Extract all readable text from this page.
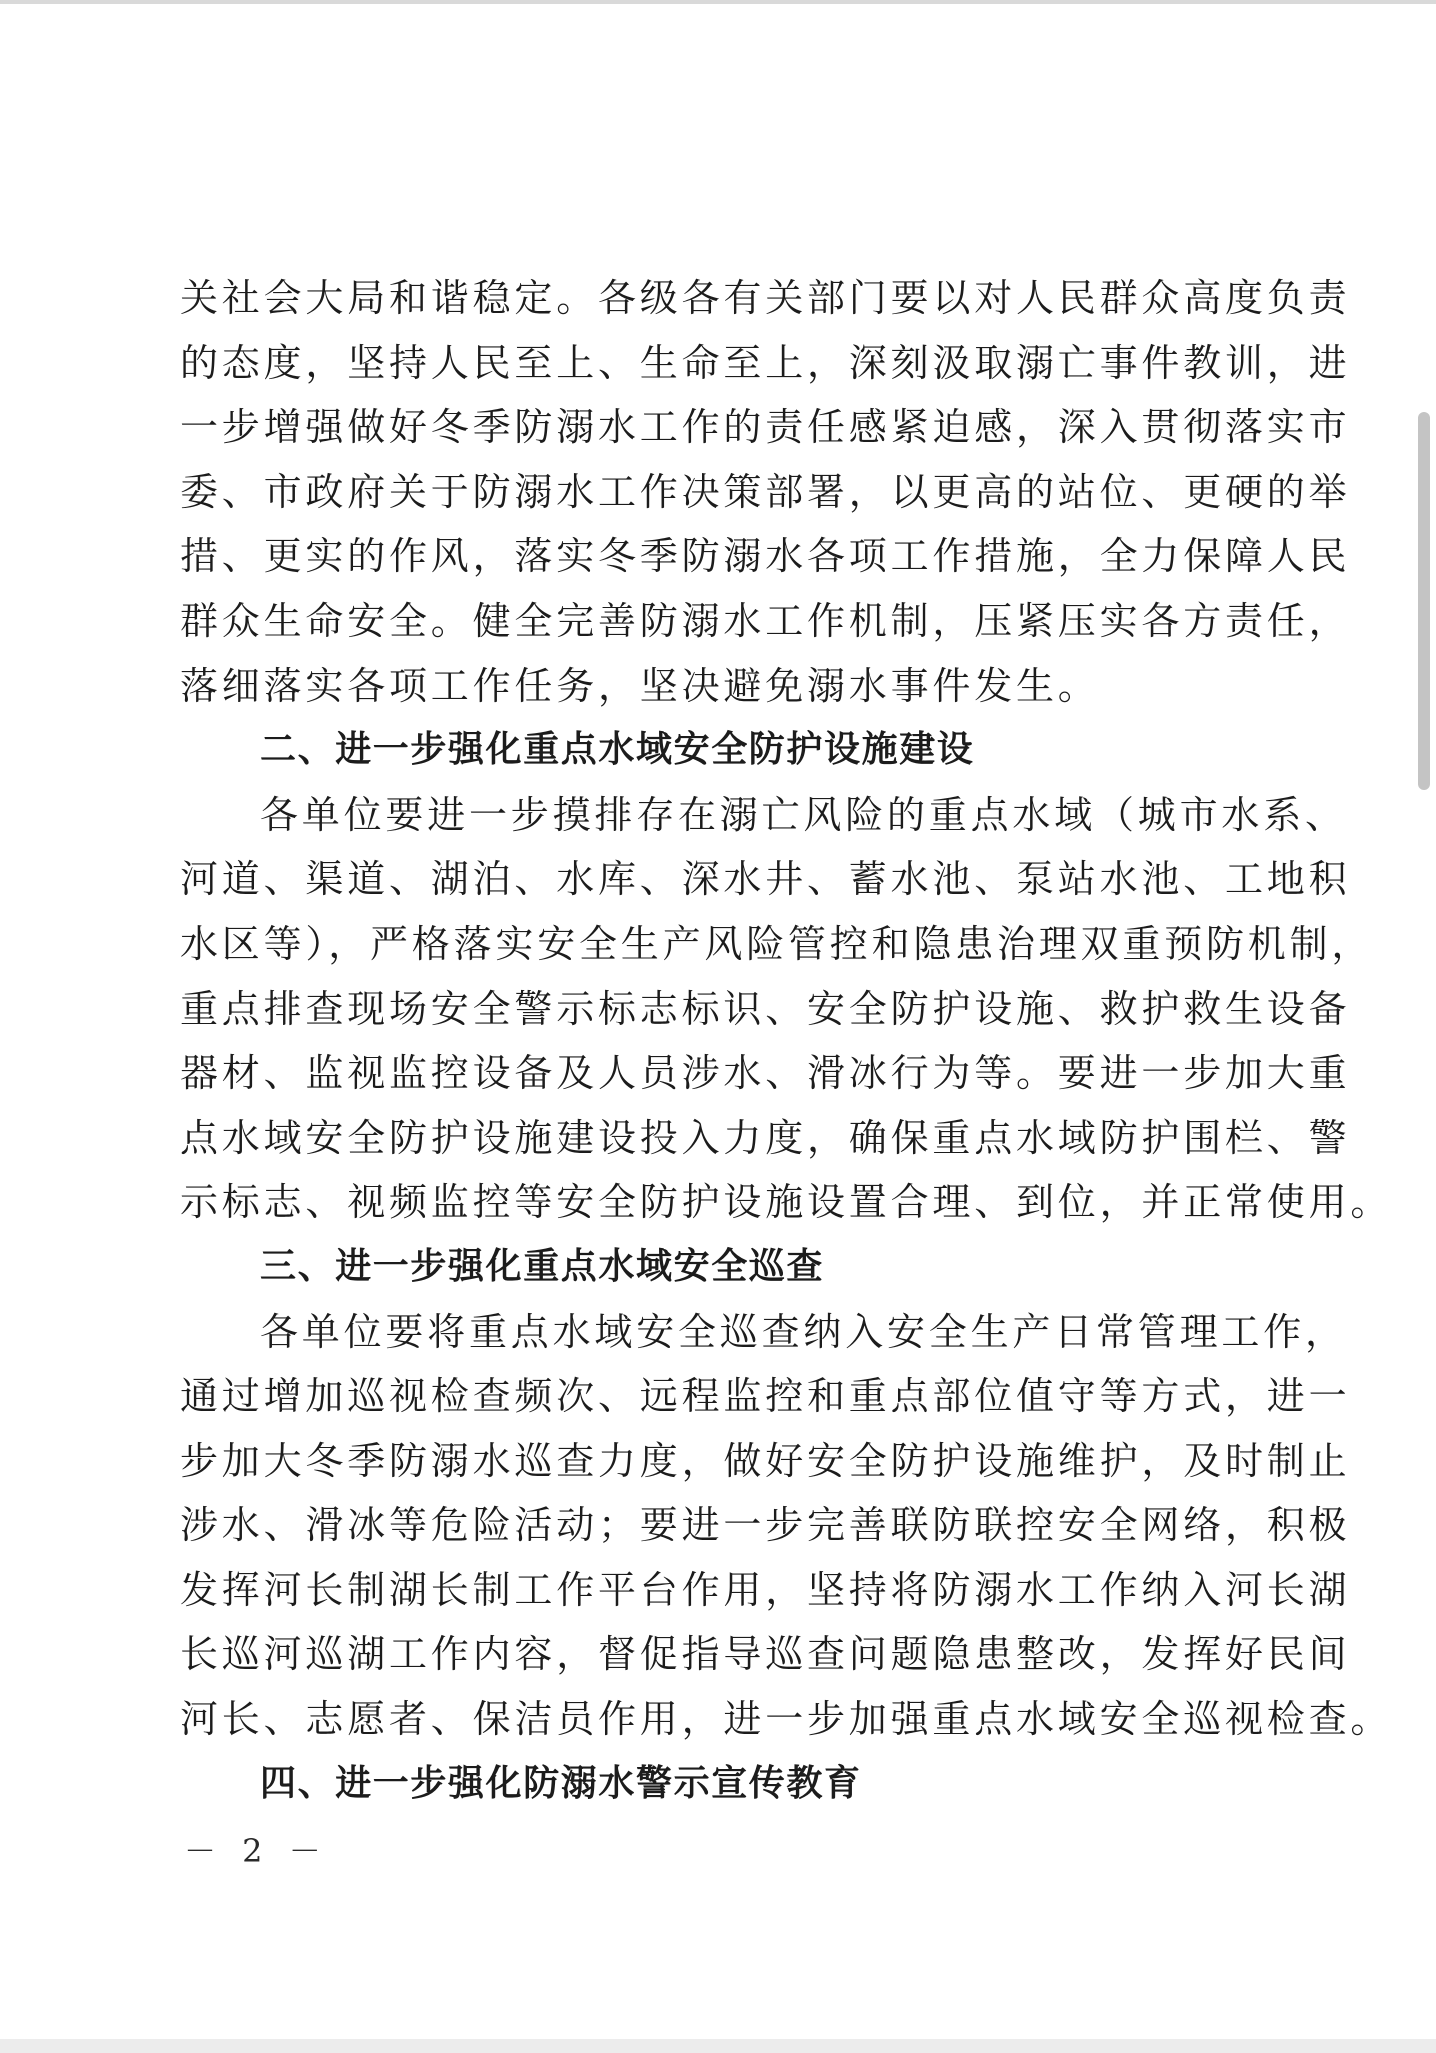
关社会大局和谐稳定。各级各有关部门要以对人民群众高度负责
的态度，坚持人民至上、生命至上，深刻汲取溺亡事件教训，进
一步增强做好冬季防溺水工作的责任感紧迫感，深入贯彻落实市
委、市政府关于防溺水工作决策部署，以更高的站位、更硬的举
措、更实的作风，落实冬季防溺水各项工作措施，全力保障人民
群众生命安全。健全完善防溺水工作机制，压紧压实各方责任，
落细落实各项工作任务，坚决避免溺水事件发生。
二、进一步强化重点水域安全防护设施建设
各单位要进一步摸排存在溺亡风险的重点水域（城市水系、
河道、渠道、湖泊、水库、深水井、蓄水池、泵站水池、工地积
水区等），严格落实安全生产风险管控和隐患治理双重预防机制，
重点排查现场安全警示标志标识、安全防护设施、救护救生设备
器材、监视监控设备及人员涉水、滑冰行为等。要进一步加大重
点水域安全防护设施建设投入力度，确保重点水域防护围栏、警
示标志、视频监控等安全防护设施设置合理、到位，并正常使用。
三、进一步强化重点水域安全巡查
各单位要将重点水域安全巡查纳入安全生产日常管理工作，
通过增加巡视检查频次、远程监控和重点部位值守等方式，进一
步加大冬季防溺水巡查力度，做好安全防护设施维护，及时制止
涉水、滑冰等危险活动；要进一步完善联防联控安全网络，积极
发挥河长制湖长制工作平台作用，坚持将防溺水工作纳入河长湖
长巡河巡湖工作内容，督促指导巡查问题隐患整改，发挥好民间
河长、志愿者、保洁员作用，进一步加强重点水域安全巡视检查。
四、进一步强化防溺水警示宣传教育
－ 2 －
